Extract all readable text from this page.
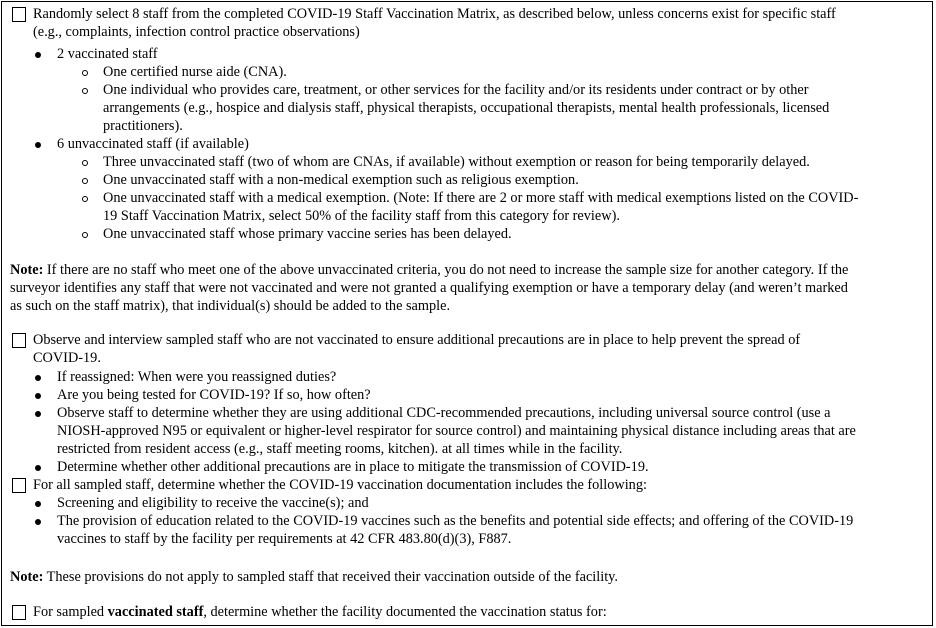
Randomly select 8 staff from the completed COVID-19 Staff Vaccination Matrix, as described below, unless concerns exist for specific staff
(e.g., complaints, infection control practice observations)
2 vaccinated staff
One certified nurse aide (CNA).
One individual who provides care, treatment, or other services for the facility and/or its residents under contract or by other
arrangements (e.g., hospice and dialysis staff, physical therapists, occupational therapists, mental health professionals, licensed
practitioners).
6 unvaccinated staff (if available)
Three unvaccinated staff (two of whom are CNAs, if available) without exemption or reason for being temporarily delayed.
One unvaccinated staff with a non-medical exemption such as religious exemption.
One unvaccinated staff with a medical exemption. (Note: If there are 2 or more staff with medical exemptions listed on the COVID-
19 Staff Vaccination Matrix, select 50% of the facility staff from this category for review).
One unvaccinated staff whose primary vaccine series has been delayed.
Note: If there are no staff who meet one of the above unvaccinated criteria, you do not need to increase the sample size for another category. If the
surveyor identifies any staff that were not vaccinated and were not granted a qualifying exemption or have a temporary delay (and weren’t marked
as such on the staff matrix), that individual(s) should be added to the sample.
Observe and interview sampled staff who are not vaccinated to ensure additional precautions are in place to help prevent the spread of
COVID-19.
If reassigned: When were you reassigned duties?
Are you being tested for COVID-19? If so, how often?
Observe staff to determine whether they are using additional CDC-recommended precautions, including universal source control (use a
NIOSH-approved N95 or equivalent or higher-level respirator for source control) and maintaining physical distance including areas that are
restricted from resident access (e.g., staff meeting rooms, kitchen). at all times while in the facility.
Determine whether other additional precautions are in place to mitigate the transmission of COVID-19.
For all sampled staff, determine whether the COVID-19 vaccination documentation includes the following:
Screening and eligibility to receive the vaccine(s); and
The provision of education related to the COVID-19 vaccines such as the benefits and potential side effects; and offering of the COVID-19
vaccines to staff by the facility per requirements at 42 CFR 483.80(d)(3), F887.
Note: These provisions do not apply to sampled staff that received their vaccination outside of the facility.
For sampled vaccinated staff, determine whether the facility documented the vaccination status for:
